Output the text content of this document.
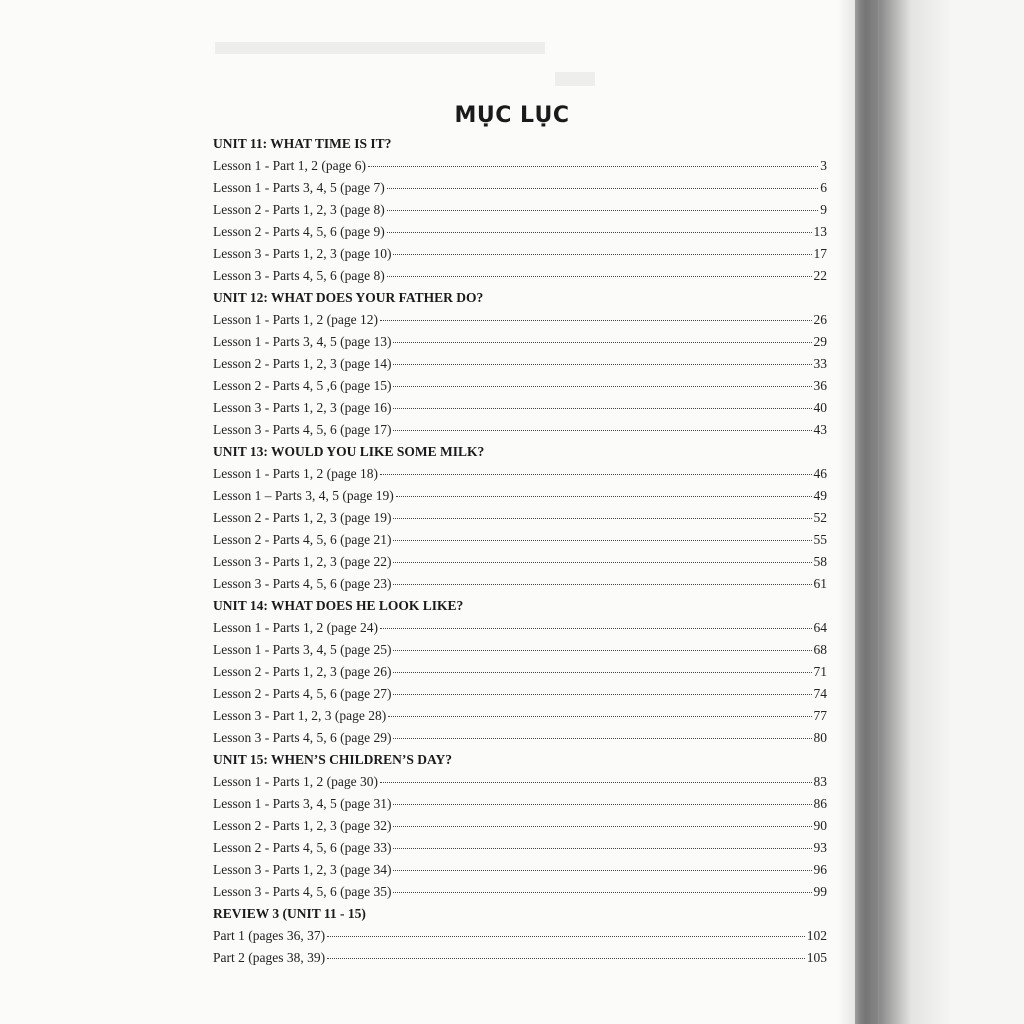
MỤC LỤC
UNIT 11: WHAT TIME IS IT?
Lesson 1 - Part 1, 2 (page 6)	3
Lesson 1 - Parts 3, 4, 5 (page 7)	6
Lesson 2 - Parts 1, 2, 3 (page 8)	9
Lesson 2 - Parts 4, 5, 6 (page 9)	13
Lesson 3 - Parts 1, 2, 3 (page 10)	17
Lesson 3 - Parts 4, 5, 6 (page 8)	22
UNIT 12: WHAT DOES YOUR FATHER DO?
Lesson 1 - Parts 1, 2 (page 12)	26
Lesson 1 - Parts 3, 4, 5 (page 13)	29
Lesson 2 - Parts 1, 2, 3 (page 14)	33
Lesson 2 - Parts 4, 5 ,6 (page 15)	36
Lesson 3 - Parts 1, 2, 3 (page 16)	40
Lesson 3 - Parts 4, 5, 6 (page 17)	43
UNIT 13: WOULD YOU LIKE SOME MILK?
Lesson 1 - Parts 1, 2 (page 18)	46
Lesson 1 – Parts 3, 4, 5 (page 19)	49
Lesson 2 - Parts 1, 2, 3 (page 19)	52
Lesson 2 - Parts 4, 5, 6 (page 21)	55
Lesson 3 - Parts 1, 2, 3 (page 22)	58
Lesson 3 - Parts 4, 5, 6 (page 23)	61
UNIT 14: WHAT DOES HE LOOK LIKE?
Lesson 1 - Parts 1, 2 (page 24)	64
Lesson 1 - Parts 3, 4, 5 (page 25)	68
Lesson 2 - Parts 1, 2, 3 (page 26)	71
Lesson 2 - Parts 4, 5, 6 (page 27)	74
Lesson 3 - Part 1, 2, 3 (page 28)	77
Lesson 3 - Parts 4, 5, 6 (page 29)	80
UNIT 15: WHEN’S CHILDREN’S DAY?
Lesson 1 - Parts 1, 2 (page 30)	83
Lesson 1 - Parts 3, 4, 5 (page 31)	86
Lesson 2 - Parts 1, 2, 3 (page 32)	90
Lesson 2 - Parts 4, 5, 6 (page 33)	93
Lesson 3 - Parts 1, 2, 3 (page 34)	96
Lesson 3 - Parts 4, 5, 6 (page 35)	99
REVIEW 3 (UNIT 11 - 15)
Part 1 (pages 36, 37)	102
Part 2 (pages 38, 39)	105
